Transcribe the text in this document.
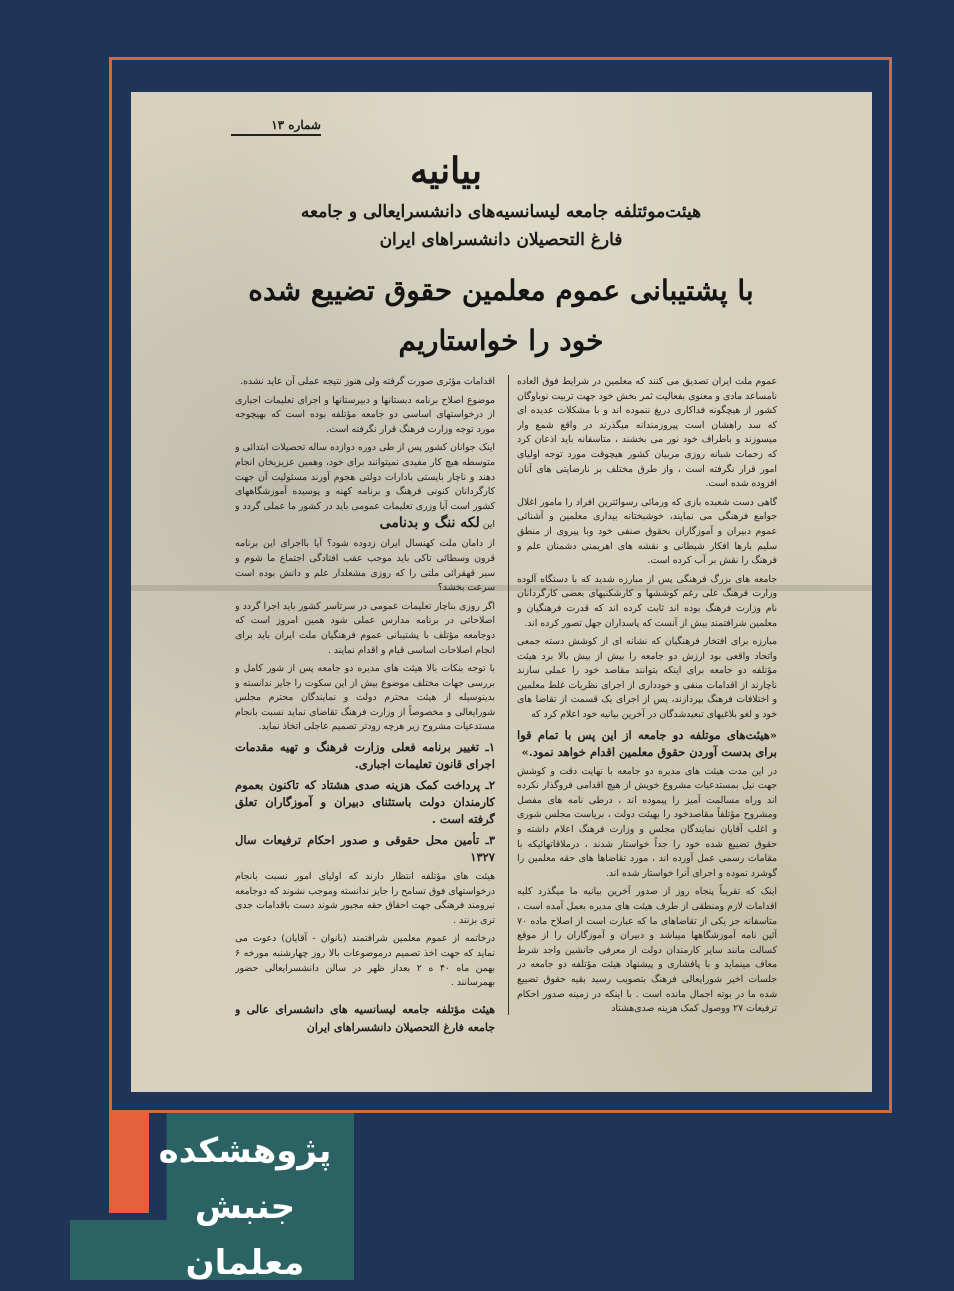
شماره ۱۳
بیانیه
هیئت‌موئتلفه جامعه لیسانسیه‌های دانشسرایعالی و جامعه
فارغ التحصیلان دانشسراهای ایران
با پشتیبانی عموم معلمین حقوق تضییع شده
خود را خواستاریم

عموم ملت ایران تصدیق می کنند که معلمین در شرایط فوق العاده نامساعد مادی و معنوی بفعالیت ثمر بخش خود جهت تربیت نوباوگان کشور از هیچگونه فداکاری دریغ ننموده اند و با مشکلات عدیده ای که سد راهشان است پیروزمندانه میگذرند در واقع شمع وار میسوزند و باطراف خود نور می بخشند ، متاسفانه باید اذعان کرد که زحمات شبانه روزی مربیان کشور هیچوقت مورد توجه اولیای امور قرار نگرفته است ، واز طرق مختلف بر نارضایتی های آنان افزوده شده است.

گاهی دست شعبده بازی که ورمائی رسوائترین افراد را مامور اغلال جوامع فرهنگی می نمایند، خوشبختانه بیداری معلمین و آشنائی عموم دبیران و آموزگاران بحقوق صنفی خود وبا پیروی از منطق سلیم بارها افکار شیطانی و نقشه های اهریمنی دشمنان علم و فرهنگ را نقش بر آب کرده است.

جامعه های بزرگ فرهنگی پس از مبارزه شدید که با دستگاه آلوده وزارت فرهنگ علی رغم کوششها و کارشکنیهای بعضی کارگردانان نام وزارت فرهنگ بوده اند ثابت کرده اند که قدرت فرهنگیان و معلمین شرافتمند بیش از آنست که پاسداران جهل تصور کرده اند.

مبارزه برای افتخار فرهنگیان که نشانه ای از کوشش دسته جمعی واتحاد واقعی بود ارزش دو جامعه را بیش از بیش بالا برد هیئت مؤتلفه دو جامعه برای اینکه بتوانند مقاصد خود را عملی سازند ناچارند از اقدامات منفی و خودداری از اجرای نظریات غلط معلمین و اختلافات فرهنگ بپردازند، پس از اجرای یک قسمت از تقاضا های خود و لغو بلاغیهای تبعیدشدگان در آخرین بیانیه خود اعلام کرد که

«هیئت‌های موتلفه دو جامعه از این پس با تمام قوا برای بدست آوردن حقوق معلمین اقدام خواهد نمود.»

در این مدت هیئت های مدیره دو جامعه با نهایت دقت و کوشش جهت نیل بمستدعیات مشروع خویش از هیچ اقدامی فروگذار نکرده اند وراه مسالمت آمیز را پیموده اند ، درطی نامه های مفصل ومشروح مؤتلفاً مقاصدخود را بهیئت دولت ، بریاست مجلس شوری و اغلب آقایان نمایندگان مجلس و وزارت فرهنگ اعلام داشته و حقوق تضییع شده خود را جداً خواستار شدند ، درملاقاتهائیکه با مقامات رسمی عمل آورده اند ، مورد تقاضاها های حقه معلمین را گوشزد نموده و اجرای آنرا خواستار شده اند.

اینک که تقریباً پنجاه روز از صدور آخرین بیانیه ما میگذرد کلیه اقدامات لازم ومنطقی از طرف هیئت های مدیره بعمل آمده است ، متاسفانه جز یکی از تقاضاهای ما که عبارت است از اصلاح ماده ۷۰ آئین نامه آموزشگاهها میباشد و دبیران و آموزگاران را از موقع کسالت مانند سایر کارمندان دولت از معرفی جانشین واجد شرط معاف مینماید و با پافشاری و پیشنهاد هیئت مؤتلفه دو جامعه در جلسات اخیر شورایعالی فرهنگ بتصویب رسید بقیه حقوق تضییع شده ما در بوته اجمال مانده است . با اینکه در زمینه صدور احکام ترفیعات ۲۷ ووصول کمک هزینه صدی‌هشتاد

اقدامات مؤثری صورت گرفته ولی هنوز نتیجه عملی آن عاید نشده.

موضوع اصلاح برنامه دبستانها و دبیرستانها و اجرای تعلیمات اجباری از درخواستهای اساسی دو جامعه مؤتلفه بوده است که بهیچوجه مورد توجه وزارت فرهنگ قرار نگرفته است.

اینک جوانان کشور پس از طی دوره دوازده ساله تحصیلات ابتدائی و متوسطه هیچ کار مفیدی نمیتوانند برای خود، وهمین عزیزبخان انجام دهند و ناچار بایستی بادارات دولتی هجوم آورند مسئولیت آن جهت کارگردانان کنونی فرهنگ و برنامه کهنه و پوسیده آموزشگاههای کشور است آیا وزری تعلیمات عمومی باید در کشور ما عملی گردد و این لکه ننگ و بدنامی

از دامان ملت کهنسال ایران زدوده شود؟ آیا بااجرای این برنامه قرون وسطائی تاکی باید موجب عقب افتادگی اجتماع ما شوم و سیر قهقرائی ملتی را که روزی مشعلدار علم و دانش بوده است سرعت بخشد؟

اگر روزی بناچار تعلیمات عمومی در سرتاسر کشور باید اجرا گردد و اصلاحاتی در برنامه مدارس عملی شود همین امروز است که دوجامعه مؤتلف با پشتیبانی عموم فرهنگیان ملت ایران باید برای انجام اصلاحات اساسی قیام و اقدام نمایند .

با توجه بنکات بالا هیئت های مدیره دو جامعه پس از شور کامل و بررسی جهات مختلف موضوع بیش از این سکوت را جایز ندانسته و بدینوسیله از هیئت محترم دولت و نمایندگان محترم مجلس شورایعالی و مخصوصاً از وزارت فرهنگ تقاضای نماید نسبت بانجام مستدعیات مشروح زیر هرچه زودتر تصمیم عاجلی اتخاذ نماید.

۱ـ تغییر برنامه فعلی وزارت فرهنگ و تهیه مقدمات اجرای قانون تعلیمات اجباری.

۲ـ پرداخت کمک هزینه صدی هشتاد که تاکنون بعموم کارمندان دولت باستثنای دبیران و آموزگاران تعلق گرفته است .

۳ـ تأمین محل حقوقی و صدور احکام ترفیعات سال ۱۳۲۷

هیئت های مؤتلفه انتظار دارند که اولیای امور نسبت بانجام درخواستهای فوق تسامح را جایز ندانسته وموجب نشوند که دوجامعه نیرومند فرهنگی جهت احقاق حقه مجبور شوند دست باقدامات جدی تری بزنند .

درخاتمه از عموم معلمین شرافتمند (بانوان - آقایان) دعوت می نماید که جهت اخذ تصمیم درموضوعات بالا روز چهارشنبه مورخه ۶ بهمن ماه ۴۰ ه ۲ بعداز ظهر در سالن دانشسرایعالی حضور بهمرسانند .

هیئت مؤتلفه جامعه لیسانسیه های دانشسرای عالی و جامعه فارغ التحصیلان دانشسراهای ایران

پژوهشکده
جنبش معلمان
